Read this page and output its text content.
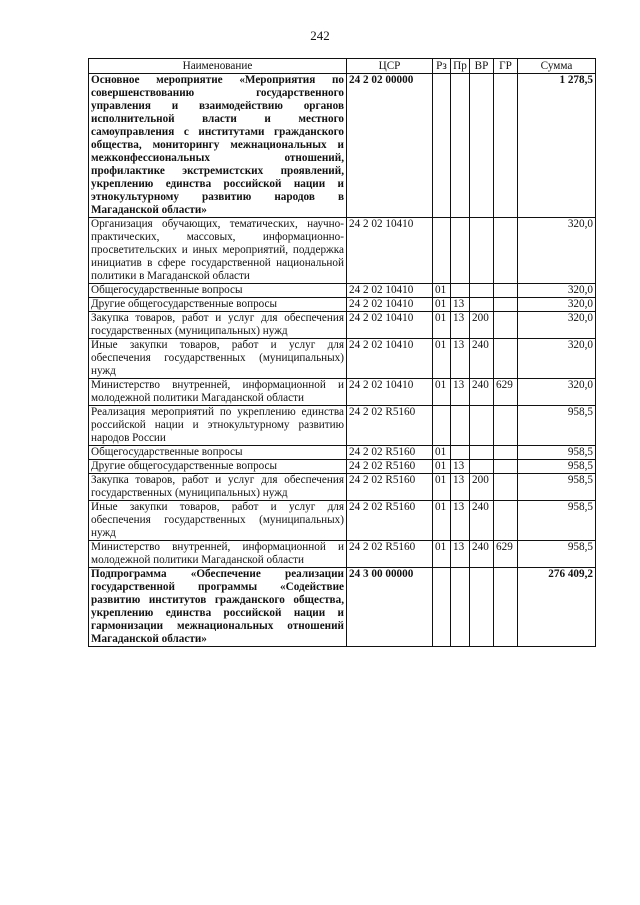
242
Наименование	ЦСР	Рз	Пр	ВР	ГР	Сумма
Основное мероприятие «Мероприятия по совершенствованию государственного управления и взаимодействию органов исполнительной власти и местного самоуправления с институтами гражданского общества, мониторингу межнациональных и межконфессиональных отношений, профилактике экстремистских проявлений, укреплению единства российской нации и этнокультурному развитию народов в Магаданской области»	24 2 02 00000					1 278,5
Организация обучающих, тематических, научно-практических, массовых, информационно-просветительских и иных мероприятий, поддержка инициатив в сфере государственной национальной политики в Магаданской области	24 2 02 10410					320,0
Общегосударственные вопросы	24 2 02 10410	01				320,0
Другие общегосударственные вопросы	24 2 02 10410	01	13			320,0
Закупка товаров, работ и услуг для обеспечения государственных (муниципальных) нужд	24 2 02 10410	01	13	200		320,0
Иные закупки товаров, работ и услуг для обеспечения государственных (муниципальных) нужд	24 2 02 10410	01	13	240		320,0
Министерство внутренней, информационной и молодежной политики Магаданской области	24 2 02 10410	01	13	240	629	320,0
Реализация мероприятий по укреплению единства российской нации и этнокультурному развитию народов России	24 2 02 R5160					958,5
Общегосударственные вопросы	24 2 02 R5160	01				958,5
Другие общегосударственные вопросы	24 2 02 R5160	01	13			958,5
Закупка товаров, работ и услуг для обеспечения государственных (муниципальных) нужд	24 2 02 R5160	01	13	200		958,5
Иные закупки товаров, работ и услуг для обеспечения государственных (муниципальных) нужд	24 2 02 R5160	01	13	240		958,5
Министерство внутренней, информационной и молодежной политики Магаданской области	24 2 02 R5160	01	13	240	629	958,5
Подпрограмма «Обеспечение реализации государственной программы «Содействие развитию институтов гражданского общества, укреплению единства российской нации и гармонизации межнациональных отношений Магаданской области»	24 3 00 00000					276 409,2
